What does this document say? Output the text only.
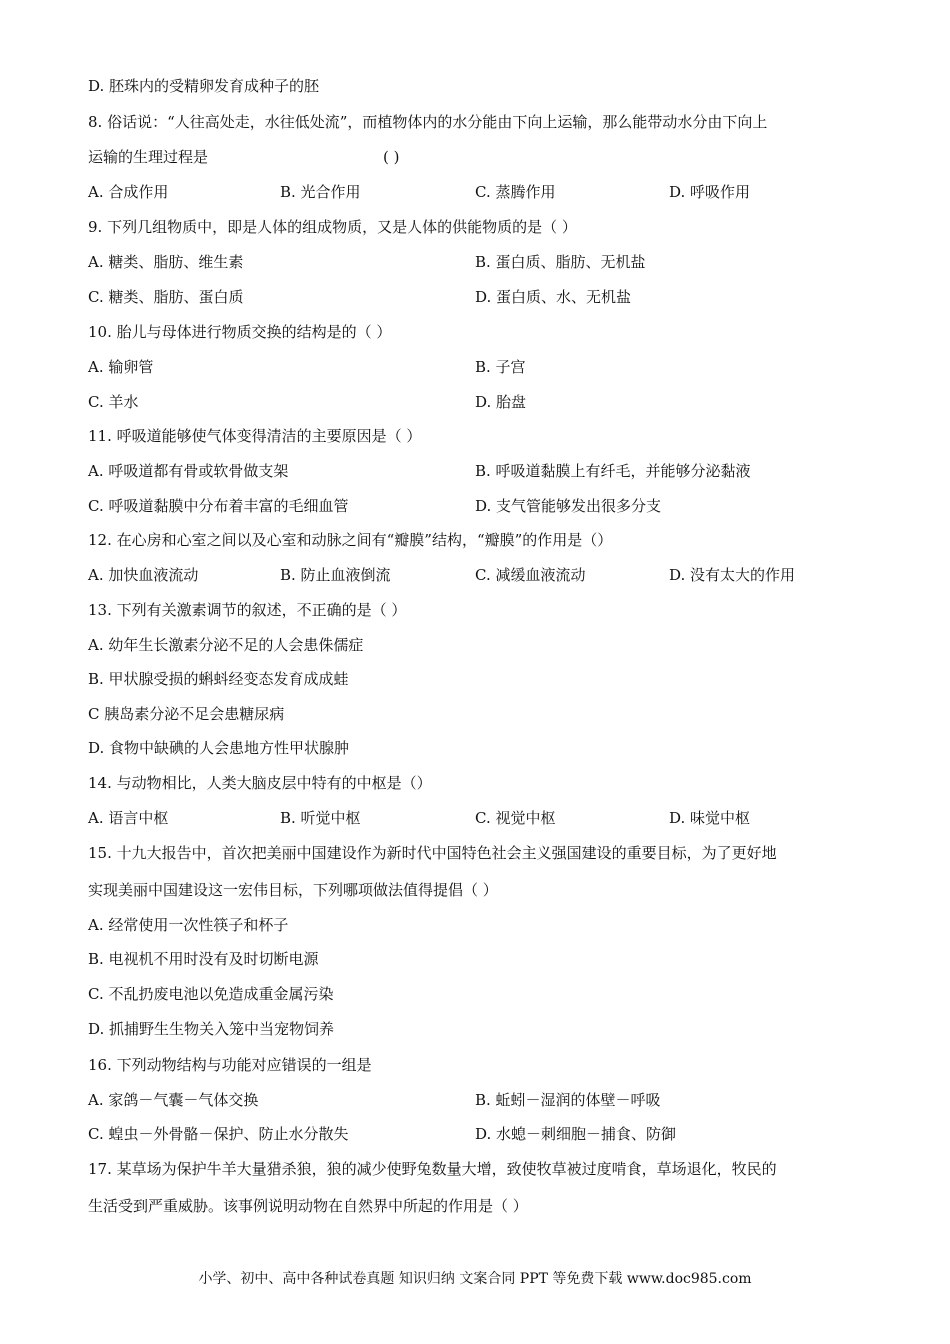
D. 胚珠内的受精卵发育成种子的胚
8. 俗话说：“人往高处走，水往低处流”，而植物体内的水分能由下向上运输，那么能带动水分由下向上
运输的生理过程是	( )
A. 合成作用	B. 光合作用	C. 蒸腾作用	D. 呼吸作用
9. 下列几组物质中，即是人体的组成物质，又是人体的供能物质的是（ ）
A. 糖类、脂肪、维生素	B. 蛋白质、脂肪、无机盐
C. 糖类、脂肪、蛋白质	D. 蛋白质、水、无机盐
10. 胎儿与母体进行物质交换的结构是的（ ）
A. 输卵管	B. 子宫
C. 羊水	D. 胎盘
11. 呼吸道能够使气体变得清洁的主要原因是（ ）
A. 呼吸道都有骨或软骨做支架	B. 呼吸道黏膜上有纤毛，并能够分泌黏液
C. 呼吸道黏膜中分布着丰富的毛细血管	D. 支气管能够发出很多分支
12. 在心房和心室之间以及心室和动脉之间有“瓣膜”结构，“瓣膜”的作用是（）
A. 加快血液流动	B. 防止血液倒流	C. 减缓血液流动	D. 没有太大的作用
13. 下列有关激素调节的叙述，不正确的是（ ）
A. 幼年生长激素分泌不足的人会患侏儒症
B. 甲状腺受损的蝌蚪经变态发育成成蛙
C 胰岛素分泌不足会患糖尿病
D. 食物中缺碘的人会患地方性甲状腺肿
14. 与动物相比，人类大脑皮层中特有的中枢是（）
A. 语言中枢	B. 听觉中枢	C. 视觉中枢	D. 味觉中枢
15. 十九大报告中，首次把美丽中国建设作为新时代中国特色社会主义强国建设的重要目标，为了更好地
实现美丽中国建设这一宏伟目标，下列哪项做法值得提倡（ ）
A. 经常使用一次性筷子和杯子
B. 电视机不用时没有及时切断电源
C. 不乱扔废电池以免造成重金属污染
D. 抓捕野生生物关入笼中当宠物饲养
16. 下列动物结构与功能对应错误的一组是
A. 家鸽－气囊－气体交换	B. 蚯蚓－湿润的体壁－呼吸
C. 蝗虫－外骨骼－保护、防止水分散失	D. 水螅－刺细胞－捕食、防御
17. 某草场为保护牛羊大量猎杀狼，狼的减少使野兔数量大增，致使牧草被过度啃食，草场退化，牧民的
生活受到严重威胁。该事例说明动物在自然界中所起的作用是（ ）
小学、初中、高中各种试卷真题 知识归纳 文案合同 PPT 等免费下载 www.doc985.com
